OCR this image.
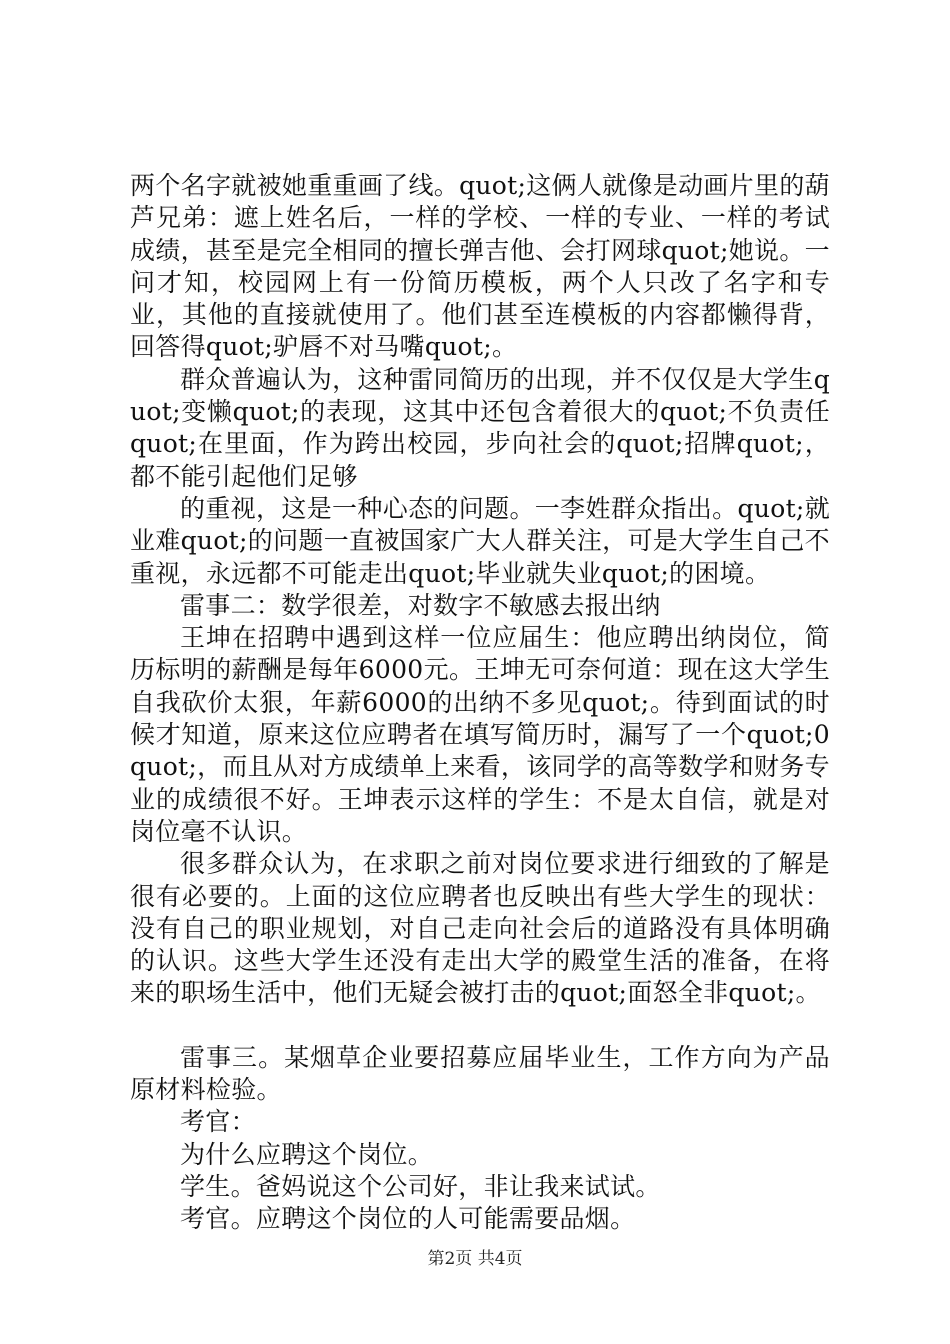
两个名字就被她重重画了线。quot;这俩人就像是动画片里的葫芦兄弟：遮上姓名后，一样的学校、一样的专业、一样的考试成绩，甚至是完全相同的擅长弹吉他、会打网球quot;她说。一问才知，校园网上有一份简历模板，两个人只改了名字和专业，其他的直接就使用了。他们甚至连模板的内容都懒得背，回答得quot;驴唇不对马嘴quot;。

群众普遍认为，这种雷同简历的出现，并不仅仅是大学生quot;变懒quot;的表现，这其中还包含着很大的quot;不负责任quot;在里面，作为跨出校园，步向社会的quot;招牌quot;，都不能引起他们足够

的重视，这是一种心态的问题。一李姓群众指出。quot;就业难quot;的问题一直被国家广大人群关注，可是大学生自己不重视，永远都不可能走出quot;毕业就失业quot;的困境。

雷事二：数学很差，对数字不敏感去报出纳

王坤在招聘中遇到这样一位应届生：他应聘出纳岗位，简历标明的薪酬是每年6000元。王坤无可奈何道：现在这大学生自我砍价太狠，年薪6000的出纳不多见quot;。待到面试的时候才知道，原来这位应聘者在填写简历时，漏写了一个quot;0quot;，而且从对方成绩单上来看，该同学的高等数学和财务专业的成绩很不好。王坤表示这样的学生：不是太自信，就是对岗位毫不认识。

很多群众认为，在求职之前对岗位要求进行细致的了解是很有必要的。上面的这位应聘者也反映出有些大学生的现状：没有自己的职业规划，对自己走向社会后的道路没有具体明确的认识。这些大学生还没有走出大学的殿堂生活的准备，在将来的职场生活中，他们无疑会被打击的quot;面怒全非quot;。

雷事三。某烟草企业要招募应届毕业生，工作方向为产品原材料检验。

考官：

为什么应聘这个岗位。

学生。爸妈说这个公司好，非让我来试试。

考官。应聘这个岗位的人可能需要品烟。

第2页 共4页
